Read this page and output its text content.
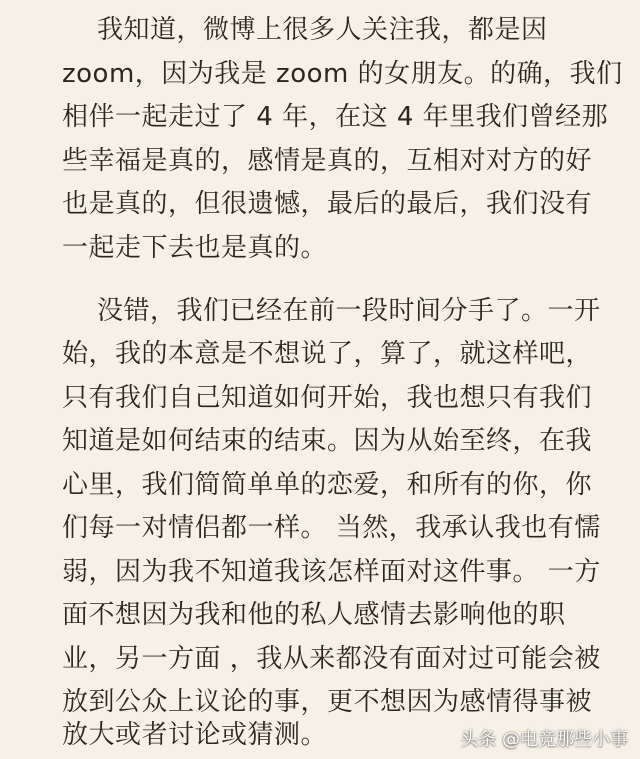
我知道，微博上很多人关注我，都是因
zoom，因为我是 zoom 的女朋友。的确，我们
相伴一起走过了 4 年，在这 4 年里我们曾经那
些幸福是真的，感情是真的，互相对对方的好
也是真的，但很遗憾，最后的最后，我们没有
一起走下去也是真的。
没错，我们已经在前一段时间分手了。一开
始，我的本意是不想说了，算了，就这样吧，
只有我们自己知道如何开始，我也想只有我们
知道是如何结束的结束。因为从始至终，在我
心里，我们简简单单的恋爱，和所有的你，你
们每一对情侣都一样。 当然，我承认我也有懦
弱，因为我不知道我该怎样面对这件事。 一方
面不想因为我和他的私人感情去影响他的职
业，另一方面 ，我从来都没有面对过可能会被
放到公众上议论的事，更不想因为感情得事被
放大或者讨论或猜测。	头条 @电竞那些小事
